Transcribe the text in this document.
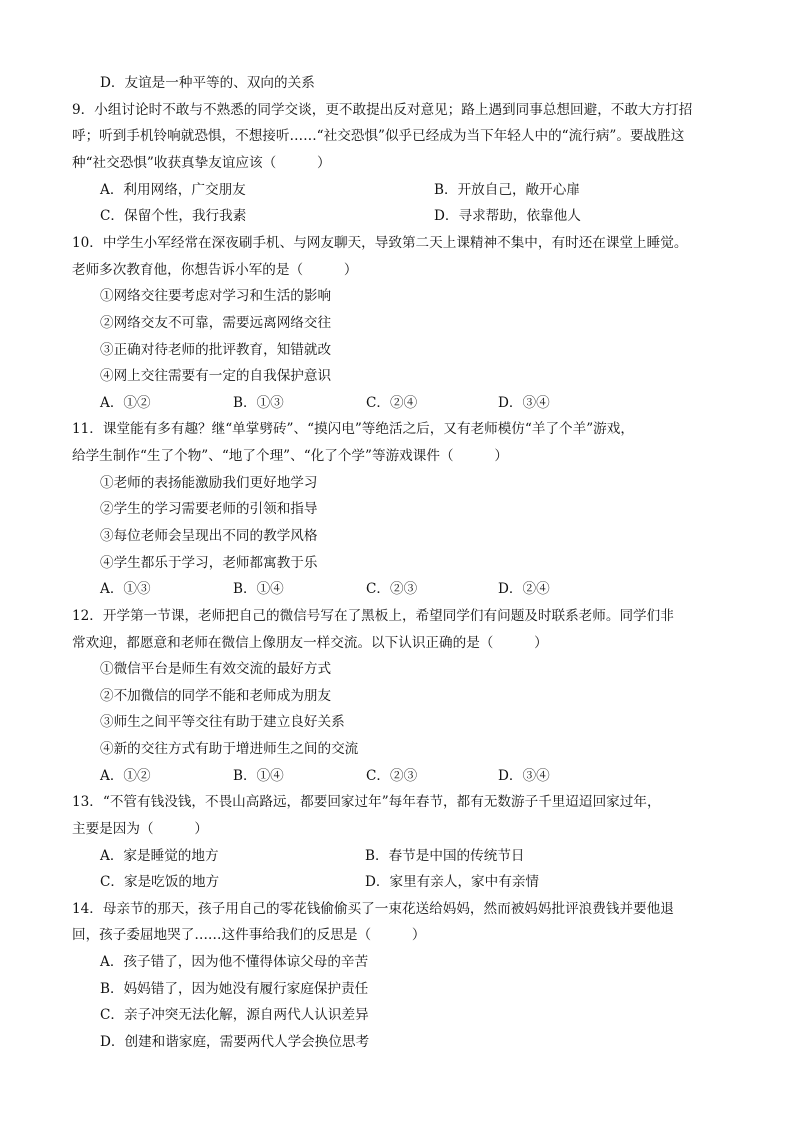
D．友谊是一种平等的、双向的关系
9．小组讨论时不敢与不熟悉的同学交谈，更不敢提出反对意见；路上遇到同事总想回避，不敢大方打招
呼；听到手机铃响就恐惧，不想接听……“社交恐惧”似乎已经成为当下年轻人中的“流行病”。要战胜这
种“社交恐惧”收获真挚友谊应该（　　　）
A．利用网络，广交朋友	B．开放自己，敞开心扉
C．保留个性，我行我素	D．寻求帮助，依靠他人
10．中学生小军经常在深夜刷手机、与网友聊天，导致第二天上课精神不集中，有时还在课堂上睡觉。
老师多次教育他，你想告诉小军的是（　　　）
①网络交往要考虑对学习和生活的影响
②网络交友不可靠，需要远离网络交往
③正确对待老师的批评教育，知错就改
④网上交往需要有一定的自我保护意识
A．①②	B．①③	C．②④	D．③④
11．课堂能有多有趣？继“单掌劈砖”、“摸闪电”等绝活之后，又有老师模仿“羊了个羊”游戏，
给学生制作“生了个物”、“地了个理”、“化了个学”等游戏课件（　　　）
①老师的表扬能激励我们更好地学习
②学生的学习需要老师的引领和指导
③每位老师会呈现出不同的教学风格
④学生都乐于学习，老师都寓教于乐
A．①③	B．①④	C．②③	D．②④
12．开学第一节课，老师把自己的微信号写在了黑板上，希望同学们有问题及时联系老师。同学们非
常欢迎，都愿意和老师在微信上像朋友一样交流。以下认识正确的是（　　　）
①微信平台是师生有效交流的最好方式
②不加微信的同学不能和老师成为朋友
③师生之间平等交往有助于建立良好关系
④新的交往方式有助于增进师生之间的交流
A．①②	B．①④	C．②③	D．③④
13．“不管有钱没钱，不畏山高路远，都要回家过年”每年春节，都有无数游子千里迢迢回家过年，
主要是因为（　　　）
A．家是睡觉的地方	B．春节是中国的传统节日
C．家是吃饭的地方	D．家里有亲人，家中有亲情
14．母亲节的那天，孩子用自己的零花钱偷偷买了一束花送给妈妈，然而被妈妈批评浪费钱并要他退
回，孩子委屈地哭了……这件事给我们的反思是（　　　）
A．孩子错了，因为他不懂得体谅父母的辛苦
B．妈妈错了，因为她没有履行家庭保护责任
C．亲子冲突无法化解，源自两代人认识差异
D．创建和谐家庭，需要两代人学会换位思考
